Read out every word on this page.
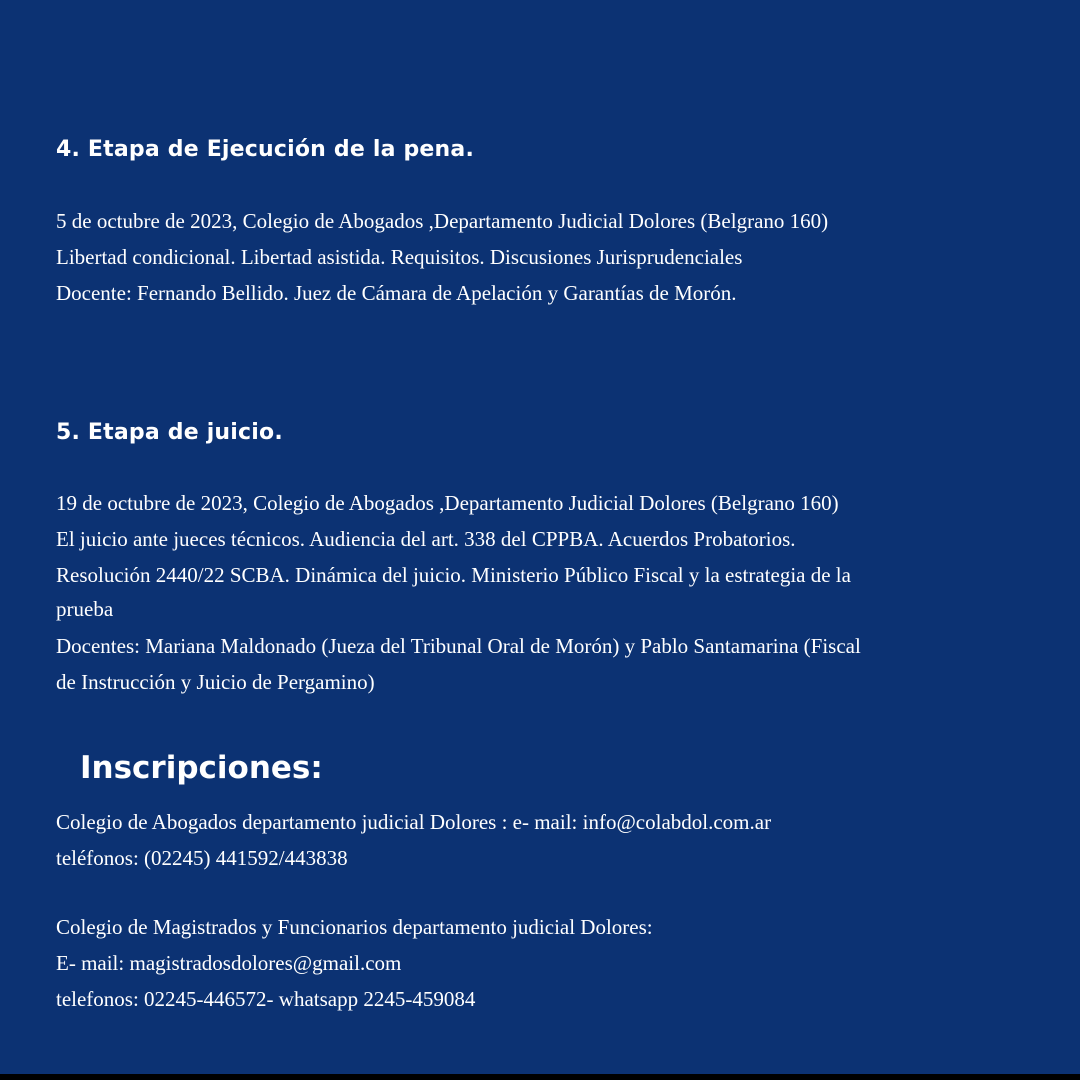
4. Etapa de Ejecución de la pena.
5 de octubre de 2023, Colegio de Abogados ,Departamento Judicial Dolores (Belgrano 160)
Libertad condicional. Libertad asistida. Requisitos. Discusiones Jurisprudenciales
Docente: Fernando Bellido. Juez de Cámara de Apelación y Garantías de Morón.
5. Etapa de juicio.
19 de octubre de 2023, Colegio de Abogados ,Departamento Judicial Dolores (Belgrano 160)
El juicio ante jueces técnicos. Audiencia del art. 338 del CPPBA. Acuerdos Probatorios.
Resolución 2440/22 SCBA. Dinámica del juicio. Ministerio Público Fiscal y la estrategia de la
prueba
Docentes: Mariana Maldonado (Jueza del Tribunal Oral de Morón) y Pablo Santamarina (Fiscal
de Instrucción y Juicio de Pergamino)
Inscripciones:
Colegio de Abogados departamento judicial Dolores : e- mail: info@colabdol.com.ar
teléfonos: (02245) 441592/443838
Colegio de Magistrados y Funcionarios departamento judicial Dolores:
E- mail: magistradosdolores@gmail.com
telefonos: 02245-446572- whatsapp 2245-459084
